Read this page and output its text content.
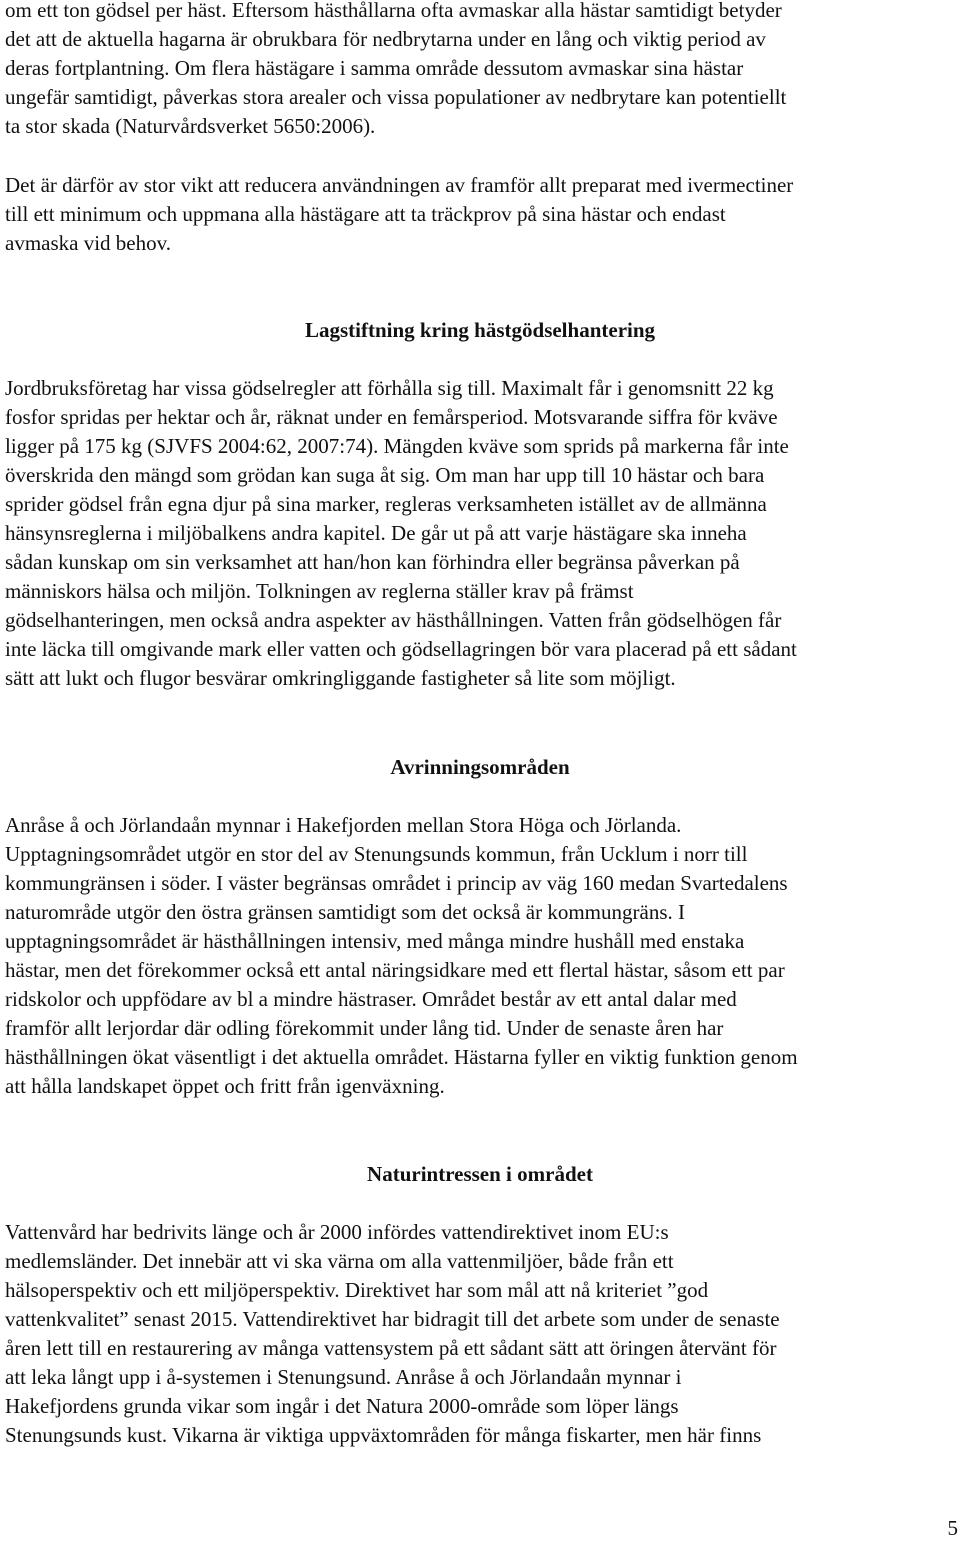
om ett ton gödsel per häst. Eftersom hästhållarna ofta avmaskar alla hästar samtidigt betyder
det att de aktuella hagarna är obrukbara för nedbrytarna under en lång och viktig period av
deras fortplantning. Om flera hästägare i samma område dessutom avmaskar sina hästar
ungefär samtidigt, påverkas stora arealer och vissa populationer av nedbrytare kan potentiellt
ta stor skada (Naturvårdsverket 5650:2006).

Det är därför av stor vikt att reducera användningen av framför allt preparat med ivermectiner
till ett minimum och uppmana alla hästägare att ta träckprov på sina hästar och endast
avmaska vid behov.

Lagstiftning kring hästgödselhantering

Jordbruksföretag har vissa gödselregler att förhålla sig till. Maximalt får i genomsnitt 22 kg
fosfor spridas per hektar och år, räknat under en femårsperiod. Motsvarande siffra för kväve
ligger på 175 kg (SJVFS 2004:62, 2007:74). Mängden kväve som sprids på markerna får inte
överskrida den mängd som grödan kan suga åt sig. Om man har upp till 10 hästar och bara
sprider gödsel från egna djur på sina marker, regleras verksamheten istället av de allmänna
hänsynsreglerna i miljöbalkens andra kapitel. De går ut på att varje hästägare ska inneha
sådan kunskap om sin verksamhet att han/hon kan förhindra eller begränsa påverkan på
människors hälsa och miljön. Tolkningen av reglerna ställer krav på främst
gödselhanteringen, men också andra aspekter av hästhållningen. Vatten från gödselhögen får
inte läcka till omgivande mark eller vatten och gödsellagringen bör vara placerad på ett sådant
sätt att lukt och flugor besvärar omkringliggande fastigheter så lite som möjligt.

Avrinningsområden

Anråse å och Jörlandaån mynnar i Hakefjorden mellan Stora Höga och Jörlanda.
Upptagningsområdet utgör en stor del av Stenungsunds kommun, från Ucklum i norr till
kommungränsen i söder. I väster begränsas området i princip av väg 160 medan Svartedalens
naturområde utgör den östra gränsen samtidigt som det också är kommungräns. I
upptagningsområdet är hästhållningen intensiv, med många mindre hushåll med enstaka
hästar, men det förekommer också ett antal näringsidkare med ett flertal hästar, såsom ett par
ridskolor och uppfödare av bl a mindre hästraser. Området består av ett antal dalar med
framför allt lerjordar där odling förekommit under lång tid. Under de senaste åren har
hästhållningen ökat väsentligt i det aktuella området. Hästarna fyller en viktig funktion genom
att hålla landskapet öppet och fritt från igenväxning.

Naturintressen i området

Vattenvård har bedrivits länge och år 2000 infördes vattendirektivet inom EU:s
medlemsländer. Det innebär att vi ska värna om alla vattenmiljöer, både från ett
hälsoperspektiv och ett miljöperspektiv. Direktivet har som mål att nå kriteriet ”god
vattenkvalitet” senast 2015. Vattendirektivet har bidragit till det arbete som under de senaste
åren lett till en restaurering av många vattensystem på ett sådant sätt att öringen återvänt för
att leka långt upp i å-systemen i Stenungsund. Anråse å och Jörlandaån mynnar i
Hakefjordens grunda vikar som ingår i det Natura 2000-område som löper längs
Stenungsunds kust. Vikarna är viktiga uppväxtområden för många fiskarter, men här finns

5
